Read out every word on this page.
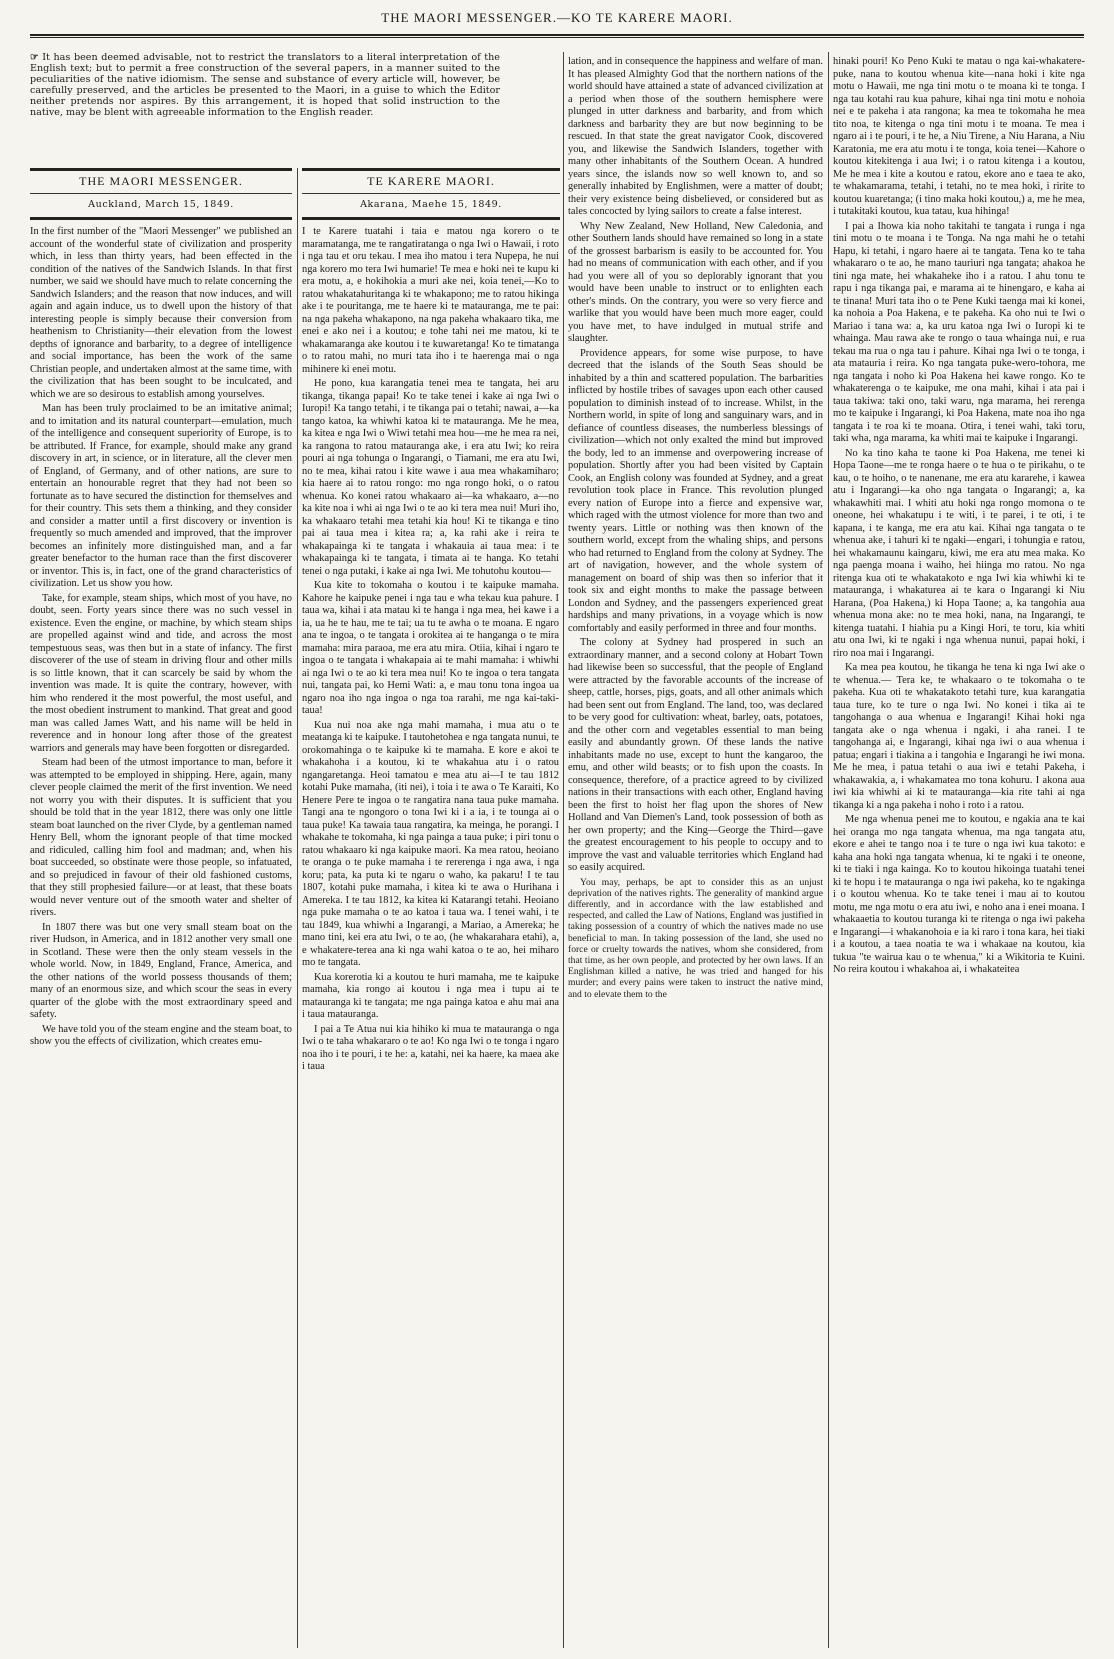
THE MAORI MESSENGER.—KO TE KARERE MAORI.
☞ It has been deemed advisable, not to restrict the translators to a literal interpretation of the English text; but to permit a free construction of the several papers, in a manner suited to the peculiarities of the native idiomism. The sense and substance of every article will, however, be carefully preserved, and the articles be presented to the Maori, in a guise to which the Editor neither pretends nor aspires. By this arrangement, it is hoped that solid instruction to the native, may be blent with agreeable information to the English reader.
THE MAORI MESSENGER.
Auckland, March 15, 1849.
TE KARERE MAORI.
Akarana, Maehe 15, 1849.

In the first number of the "Maori Messenger" we published an account of the wonderful state of civilization and prosperity which, in less than thirty years, had been effected in the condition of the natives of the Sandwich Islands. In that first number, we said we should have much to relate concerning the Sandwich Islanders; and the reason that now induces, and will again and again induce, us to dwell upon the history of that interesting people is simply because their conversion from heathenism to Christianity—their elevation from the lowest depths of ignorance and barbarity, to a degree of intelligence and social importance, has been the work of the same Christian people, and undertaken almost at the same time, with the civilization that has been sought to be inculcated, and which we are so desirous to establish among yourselves.

Man has been truly proclaimed to be an imitative animal; and to imitation and its natural counterpart—emulation, much of the intelligence and consequent superiority of Europe, is to be attributed. If France, for example, should make any grand discovery in art, in science, or in literature, all the clever men of England, of Germany, and of other nations, are sure to entertain an honourable regret that they had not been so fortunate as to have secured the distinction for themselves and for their country. This sets them a thinking, and they consider and consider a matter until a first discovery or invention is frequently so much amended and improved, that the improver becomes an infinitely more distinguished man, and a far greater benefactor to the human race than the first discoverer or inventor. This is, in fact, one of the grand characteristics of civilization. Let us show you how.

Take, for example, steam ships, which most of you have, no doubt, seen. Forty years since there was no such vessel in existence. Even the engine, or machine, by which steam ships are propelled against wind and tide, and across the most tempestuous seas, was then but in a state of infancy. The first discoverer of the use of steam in driving flour and other mills is so little known, that it can scarcely be said by whom the invention was made. It is quite the contrary, however, with him who rendered it the most powerful, the most useful, and the most obedient instrument to mankind. That great and good man was called James Watt, and his name will be held in reverence and in honour long after those of the greatest warriors and generals may have been forgotten or disregarded.

Steam had been of the utmost importance to man, before it was attempted to be employed in shipping. Here, again, many clever people claimed the merit of the first invention. We need not worry you with their disputes. It is sufficient that you should be told that in the year 1812, there was only one little steam boat launched on the river Clyde, by a gentleman named Henry Bell, whom the ignorant people of that time mocked and ridiculed, calling him fool and madman; and, when his boat succeeded, so obstinate were those people, so infatuated, and so prejudiced in favour of their old fashioned customs, that they still prophesied failure—or at least, that these boats would never venture out of the smooth water and shelter of rivers.

In 1807 there was but one very small steam boat on the river Hudson, in America, and in 1812 another very small one in Scotland. These were then the only steam vessels in the whole world. Now, in 1849, England, France, America, and the other nations of the world possess thousands of them; many of an enormous size, and which scour the seas in every quarter of the globe with the most extraordinary speed and safety.

We have told you of the steam engine and the steam boat, to show you the effects of civilization, which creates emu-

I te Karere tuatahi i taia e matou nga korero o te maramatanga, me te rangatiratanga o nga Iwi o Hawaii, i roto i nga tau et oru tekau. I mea iho matou i tera Nupepa, he nui nga korero mo tera Iwi humarie! Te mea e hoki nei te kupu ki era motu, a, e hokihokia a muri ake nei, koia tenei,—Ko to ratou whakatahuritanga ki te whakapono; me to ratou hikinga ake i te pouritanga, me te haere ki te matauranga, me te pai: na nga pakeha whakapono, na nga pakeha whakaaro tika, me enei e ako nei i a koutou; e tohe tahi nei me matou, ki te whakamaranga ake koutou i te kuwaretanga! Ko te timatanga o to ratou mahi, no muri tata iho i te haerenga mai o nga mihinere ki enei motu.

He pono, kua karangatia tenei mea te tangata, hei aru tikanga, tikanga papai! Ko te take tenei i kake ai nga Iwi o Iuropi! Ka tango tetahi, i te tikanga pai o tetahi; nawai, a—ka tango katoa, ka whiwhi katoa ki te matauranga. Me he mea, ka kitea e nga Iwi o Wiwi tetahi mea hou—me he mea ra nei, ka rangona to ratou matauranga ake, i era atu Iwi; ko reira pouri ai nga tohunga o Ingarangi, o Tiamani, me era atu Iwi, no te mea, kihai ratou i kite wawe i aua mea whakamiharo; kia haere ai to ratou rongo: mo nga rongo hoki, o o ratou whenua. Ko konei ratou whakaaro ai—ka whakaaro, a—no ka kite noa i whi ai nga Iwi o te ao ki tera mea nui! Muri iho, ka whakaaro tetahi mea tetahi kia hou! Ki te tikanga e tino pai ai taua mea i kitea ra; a, ka rahi ake i reira te whakapainga ki te tangata i whakauia ai taua mea: i te whakapainga ki te tangata, i timata ai te hanga. Ko tetahi tenei o nga putaki, i kake ai nga Iwi. Me tohutohu koutou—

Kua kite to tokomaha o koutou i te kaipuke mamaha. Kahore he kaipuke penei i nga tau e wha tekau kua pahure. I taua wa, kihai i ata matau ki te hanga i nga mea, hei kawe i a ia, ua he te hau, me te tai; ua tu te awha o te moana. E ngaro ana te ingoa, o te tangata i orokitea ai te hanganga o te mira mamaha: mira paraoa, me era atu mira. Otiia, kihai i ngaro te ingoa o te tangata i whakapaia ai te mahi mamaha: i whiwhi ai nga Iwi o te ao ki tera mea nui! Ko te ingoa o tera tangata nui, tangata pai, ko Hemi Wati: a, e mau tonu tona ingoa ua ngaro noa iho nga ingoa o nga toa rarahi, me nga kai-taki-taua!

Kua nui noa ake nga mahi mamaha, i mua atu o te meatanga ki te kaipuke. I tautohetohea e nga tangata nunui, te orokomahinga o te kaipuke ki te mamaha. E kore e akoi te whakahoha i a koutou, ki te whakahua atu i o ratou ngangaretanga. Heoi tamatou e mea atu ai—I te tau 1812 kotahi Puke mamaha, (iti nei), i toia i te awa o Te Karaiti, Ko Henere Pere te ingoa o te rangatira nana taua puke mamaha. Tangi ana te ngongoro o tona Iwi ki i a ia, i te tounga ai o taua puke! Ka tawaia taua rangatira, ka meinga, he porangi. I whakahe te tokomaha, ki nga painga a taua puke; i piri tonu o ratou whakaaro ki nga kaipuke maori. Ka mea ratou, heoiano te oranga o te puke mamaha i te rererenga i nga awa, i nga koru; pata, ka puta ki te ngaru o waho, ka pakaru! I te tau 1807, kotahi puke mamaha, i kitea ki te awa o Hurihana i Amereka. I te tau 1812, ka kitea ki Katarangi tetahi. Heoiano nga puke mamaha o te ao katoa i taua wa. I tenei wahi, i te tau 1849, kua whiwhi a Ingarangi, a Mariao, a Amereka; he mano tini, kei era atu Iwi, o te ao, (he whakarahara etahi), a, e whakatere-terea ana ki nga wahi katoa o te ao, hei miharo mo te tangata.

Kua korerotia ki a koutou te huri mamaha, me te kaipuke mamaha, kia rongo ai koutou i nga mea i tupu ai te matauranga ki te tangata; me nga painga katoa e ahu mai ana i taua matauranga.

I pai a Te Atua nui kia hihiko ki mua te matauranga o nga Iwi o te taha whakararo o te ao! Ko nga Iwi o te tonga i ngaro noa iho i te pouri, i te he: a, katahi, nei ka haere, ka maea ake i taua

lation, and in consequence the happiness and welfare of man. It has pleased Almighty God that the northern nations of the world should have attained a state of advanced civilization at a period when those of the southern hemisphere were plunged in utter darkness and barbarity, and from which darkness and barbarity they are but now beginning to be rescued. In that state the great navigator Cook, discovered you, and likewise the Sandwich Islanders, together with many other inhabitants of the Southern Ocean. A hundred years since, the islands now so well known to, and so generally inhabited by Englishmen, were a matter of doubt; their very existence being disbelieved, or considered but as tales concocted by lying sailors to create a false interest.

Why New Zealand, New Holland, New Caledonia, and other Southern lands should have remained so long in a state of the grossest barbarism is easily to be accounted for. You had no means of communication with each other, and if you had you were all of you so deplorably ignorant that you would have been unable to instruct or to enlighten each other's minds. On the contrary, you were so very fierce and warlike that you would have been much more eager, could you have met, to have indulged in mutual strife and slaughter.

Providence appears, for some wise purpose, to have decreed that the islands of the South Seas should be inhabited by a thin and scattered population. The barbarities inflicted by hostile tribes of savages upon each other caused population to diminish instead of to increase. Whilst, in the Northern world, in spite of long and sanguinary wars, and in defiance of countless diseases, the numberless blessings of civilization—which not only exalted the mind but improved the body, led to an immense and overpowering increase of population. Shortly after you had been visited by Captain Cook, an English colony was founded at Sydney, and a great revolution took place in France. This revolution plunged every nation of Europe into a fierce and expensive war, which raged with the utmost violence for more than two and twenty years. Little or nothing was then known of the southern world, except from the whaling ships, and persons who had returned to England from the colony at Sydney. The art of navigation, however, and the whole system of management on board of ship was then so inferior that it took six and eight months to make the passage between London and Sydney, and the passengers experienced great hardships and many privations, in a voyage which is now comfortably and easily performed in three and four months.

The colony at Sydney had prospered in such an extraordinary manner, and a second colony at Hobart Town had likewise been so successful, that the people of England were attracted by the favorable accounts of the increase of sheep, cattle, horses, pigs, goats, and all other animals which had been sent out from England. The land, too, was declared to be very good for cultivation: wheat, barley, oats, potatoes, and the other corn and vegetables essential to man being easily and abundantly grown. Of these lands the native inhabitants made no use, except to hunt the kangaroo, the emu, and other wild beasts; or to fish upon the coasts. In consequence, therefore, of a practice agreed to by civilized nations in their transactions with each other, England having been the first to hoist her flag upon the shores of New Holland and Van Diemen's Land, took possession of both as her own property; and the King—George the Third—gave the greatest encouragement to his people to occupy and to improve the vast and valuable territories which England had so easily acquired.

You may, perhaps, be apt to consider this as an unjust deprivation of the natives rights. The generality of mankind argue differently, and in accordance with the law established and respected, and called the Law of Nations, England was justified in taking possession of a country of which the natives made no use beneficial to man. In taking possession of the land, she used no force or cruelty towards the natives, whom she considered, from that time, as her own people, and protected by her own laws. If an Englishman killed a native, he was tried and hanged for his murder; and every pains were taken to instruct the native mind, and to elevate them to the

hinaki pouri! Ko Peno Kuki te matau o nga kai-whakatere-puke, nana to koutou whenua kite—nana hoki i kite nga motu o Hawaii, me nga tini motu o te moana ki te tonga. I nga tau kotahi rau kua pahure, kihai nga tini motu e nohoia nei e te pakeha i ata rangona; ka mea te tokomaha he mea tito noa, te kitenga o nga tini motu i te moana. Te mea i ngaro ai i te pouri, i te he, a Niu Tirene, a Niu Harana, a Niu Karatonia, me era atu motu i te tonga, koia tenei—Kahore o koutou kitekitenga i aua Iwi; i o ratou kitenga i a koutou, Me he mea i kite a koutou e ratou, ekore ano e taea te ako, te whakamarama, tetahi, i tetahi, no te mea hoki, i ririte to koutou kuaretanga; (i tino maka hoki koutou,) a, me he mea, i tutakitaki koutou, kua tatau, kua hihinga!

I pai a Ihowa kia noho takitahi te tangata i runga i nga tini motu o te moana i te Tonga. Na nga mahi he o tetahi Hapu, ki tetahi, i ngaro haere ai te tangata. Tena ko te taha whakararo o te ao, he mano tauriuri nga tangata; ahakoa he tini nga mate, hei whakaheke iho i a ratou. I ahu tonu te rapu i nga tikanga pai, e marama ai te hinengaro, e kaha ai te tinana! Muri tata iho o te Pene Kuki taenga mai ki konei, ka nohoia a Poa Hakena, e te pakeha. Ka oho nui te Iwi o Mariao i tana wa: a, ka uru katoa nga Iwi o Iuropi ki te whainga. Mau rawa ake te rongo o taua whainga nui, e rua tekau ma rua o nga tau i pahure. Kihai nga Iwi o te tonga, i ata matauria i reira. Ko nga tangata puke-wero-tohora, me nga tangata i noho ki Poa Hakena hei kawe rongo. Ko te whakaterenga o te kaipuke, me ona mahi, kihai i ata pai i taua takiwa: taki ono, taki waru, nga marama, hei rerenga mo te kaipuke i Ingarangi, ki Poa Hakena, mate noa iho nga tangata i te roa ki te moana. Otira, i tenei wahi, taki toru, taki wha, nga marama, ka whiti mai te kaipuke i Ingarangi.

No ka tino kaha te taone ki Poa Hakena, me tenei ki Hopa Taone—me te ronga haere o te hua o te pirikahu, o te kau, o te hoiho, o te nanenane, me era atu kararehe, i kawea atu i Ingarangi—ka oho nga tangata o Ingarangi; a, ka whakawhiti mai. I whiti atu hoki nga rongo momona o te oneone, hei whakatupu i te witi, i te parei, i te oti, i te kapana, i te kanga, me era atu kai. Kihai nga tangata o te whenua ake, i tahuri ki te ngaki—engari, i tohungia e ratou, hei whakamaunu kaingaru, kiwi, me era atu mea maka. Ko nga paenga moana i waiho, hei hiinga mo ratou. No nga ritenga kua oti te whakatakoto e nga Iwi kia whiwhi ki te matauranga, i whakaturea ai te kara o Ingarangi ki Niu Harana, (Poa Hakena,) ki Hopa Taone; a, ka tangohia aua whenua mona ake: no te mea hoki, nana, na Ingarangi, te kitenga tuatahi. I hiahia pu a Kingi Hori, te toru, kia whiti atu ona Iwi, ki te ngaki i nga whenua nunui, papai hoki, i riro noa mai i Ingarangi.

Ka mea pea koutou, he tikanga he tena ki nga Iwi ake o te whenua.— Tera ke, te whakaaro o te tokomaha o te pakeha. Kua oti te whakatakoto tetahi ture, kua karangatia taua ture, ko te ture o nga Iwi. No konei i tika ai te tangohanga o aua whenua e Ingarangi! Kihai hoki nga tangata ake o nga whenua i ngaki, i aha ranei. I te tangohanga ai, e Ingarangi, kihai nga iwi o aua whenua i patua; engari i tiakina a i tangohia e Ingarangi he iwi mona. Me he mea, i patua tetahi o aua iwi e tetahi Pakeha, i whakawakia, a, i whakamatea mo tona kohuru. I akona aua iwi kia whiwhi ai ki te matauranga—kia rite tahi ai nga tikanga ki a nga pakeha i noho i roto i a ratou.

Me nga whenua penei me to koutou, e ngakia ana te kai hei oranga mo nga tangata whenua, ma nga tangata atu, ekore e ahei te tango noa i te ture o nga iwi kua takoto: e kaha ana hoki nga tangata whenua, ki te ngaki i te oneone, ki te tiaki i nga kainga. Ko to koutou hikoinga tuatahi tenei ki te hopu i te matauranga o nga iwi pakeha, ko te ngakinga i o koutou whenua. Ko te take tenei i mau ai to koutou motu, me nga motu o era atu iwi, e noho ana i enei moana. I whakaaetia to koutou turanga ki te ritenga o nga iwi pakeha e Ingarangi—i whakanohoia e ia ki raro i tona kara, hei tiaki i a koutou, a taea noatia te wa i whakaae na koutou, kia tukua "te wairua kau o te whenua," ki a Wikitoria te Kuini. No reira koutou i whakahoa ai, i whakateitea
